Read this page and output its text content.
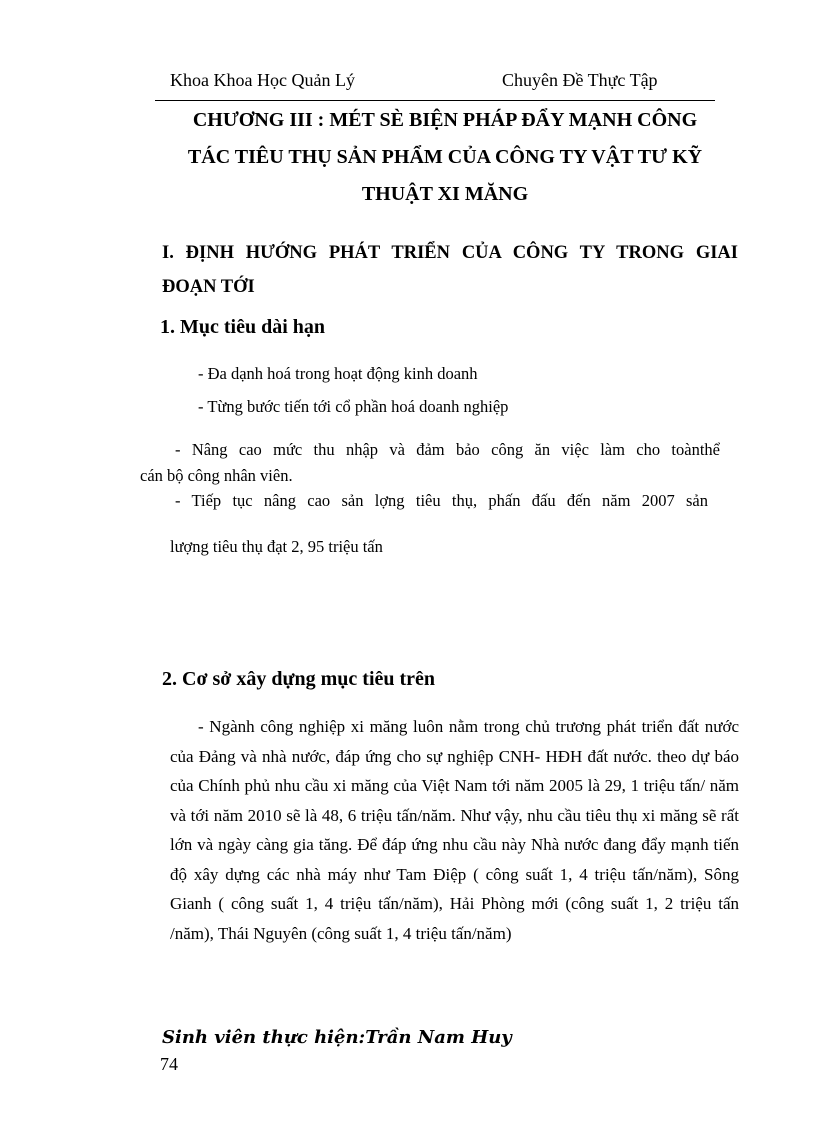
Khoa Khoa Học Quản Lý	Chuyên Đề Thực Tập
CHƯƠNG III : MÉT SÈ BIỆN PHÁP ĐẨY MẠNH CÔNG
TÁC TIÊU THỤ SẢN PHẨM CỦA CÔNG TY VẬT TƯ KỸ
THUẬT XI MĂNG
I. ĐỊNH HƯỚNG PHÁT TRIỂN CỦA CÔNG TY TRONG GIAI
ĐOẠN TỚI
1. Mục tiêu dài hạn

- Đa dạnh hoá trong hoạt động kinh doanh

- Từng bước tiến tới cổ phần hoá doanh nghiệp

- Nâng cao mức thu nhập và đảm bảo công ăn việc làm cho toànthể

cán bộ công nhân viên.

- Tiếp tục nâng cao sản lợng tiêu thụ, phấn đấu đến năm 2007 sản

lượng tiêu thụ đạt 2, 95 triệu tấn

2. Cơ sở xây dựng mục tiêu trên

- Ngành công nghiệp xi măng luôn nằm trong chủ trương phát triển đất nước của Đảng và nhà nước, đáp ứng cho sự nghiệp CNH- HĐH đất nước. theo dự báo của Chính phủ nhu cầu xi măng của Việt Nam tới năm 2005 là 29, 1 triệu tấn/ năm và tới năm 2010 sẽ là 48, 6 triệu tấn/năm. Như vậy, nhu cầu tiêu thụ xi măng sẽ rất lớn và ngày càng gia tăng. Để đáp ứng nhu cầu này Nhà nước đang đẩy mạnh tiến độ xây dựng các nhà máy như Tam Điệp ( công suất 1, 4 triệu tấn/năm), Sông Gianh ( công suất 1, 4 triệu tấn/năm), Hải Phòng mới (công suất 1, 2 triệu tấn /năm), Thái Nguyên (công suất 1, 4 triệu tấn/năm)

Sinh viên thực hiện:Trần Nam Huy
74
